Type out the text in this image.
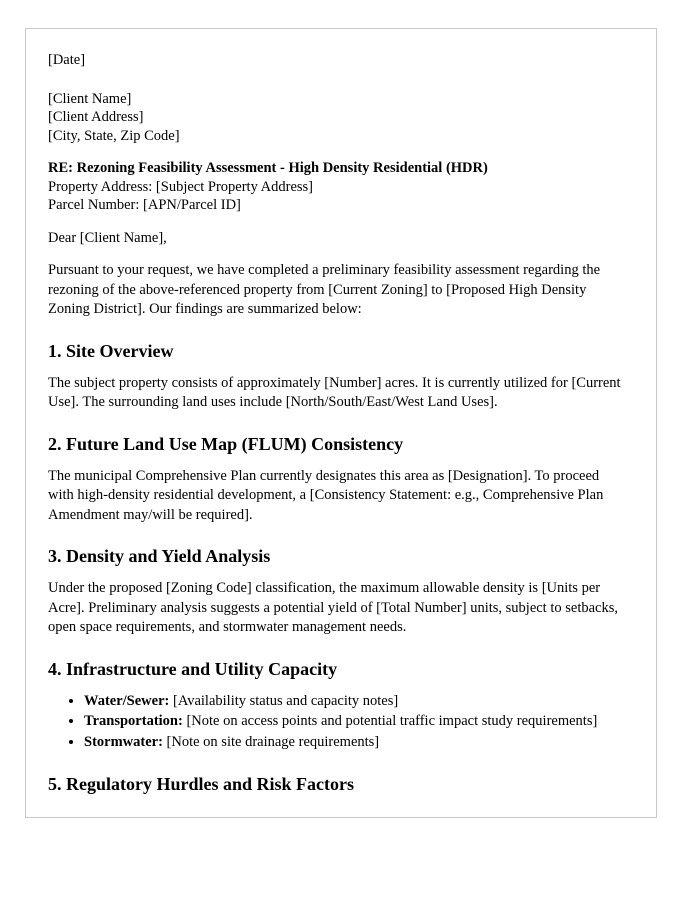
[Date]
[Client Name]
[Client Address]
[City, State, Zip Code]
RE: Rezoning Feasibility Assessment - High Density Residential (HDR)
Property Address: [Subject Property Address]
Parcel Number: [APN/Parcel ID]
Dear [Client Name],

Pursuant to your request, we have completed a preliminary feasibility assessment regarding the rezoning of the above-referenced property from [Current Zoning] to [Proposed High Density Zoning District]. Our findings are summarized below:

1. Site Overview

The subject property consists of approximately [Number] acres. It is currently utilized for [Current Use]. The surrounding land uses include [North/South/East/West Land Uses].

2. Future Land Use Map (FLUM) Consistency

The municipal Comprehensive Plan currently designates this area as [Designation]. To proceed with high-density residential development, a [Consistency Statement: e.g., Comprehensive Plan Amendment may/will be required].

3. Density and Yield Analysis

Under the proposed [Zoning Code] classification, the maximum allowable density is [Units per Acre]. Preliminary analysis suggests a potential yield of [Total Number] units, subject to setbacks, open space requirements, and stormwater management needs.

4. Infrastructure and Utility Capacity
• Water/Sewer: [Availability status and capacity notes]
• Transportation: [Note on access points and potential traffic impact study requirements]
• Stormwater: [Note on site drainage requirements]
5. Regulatory Hurdles and Risk Factors
